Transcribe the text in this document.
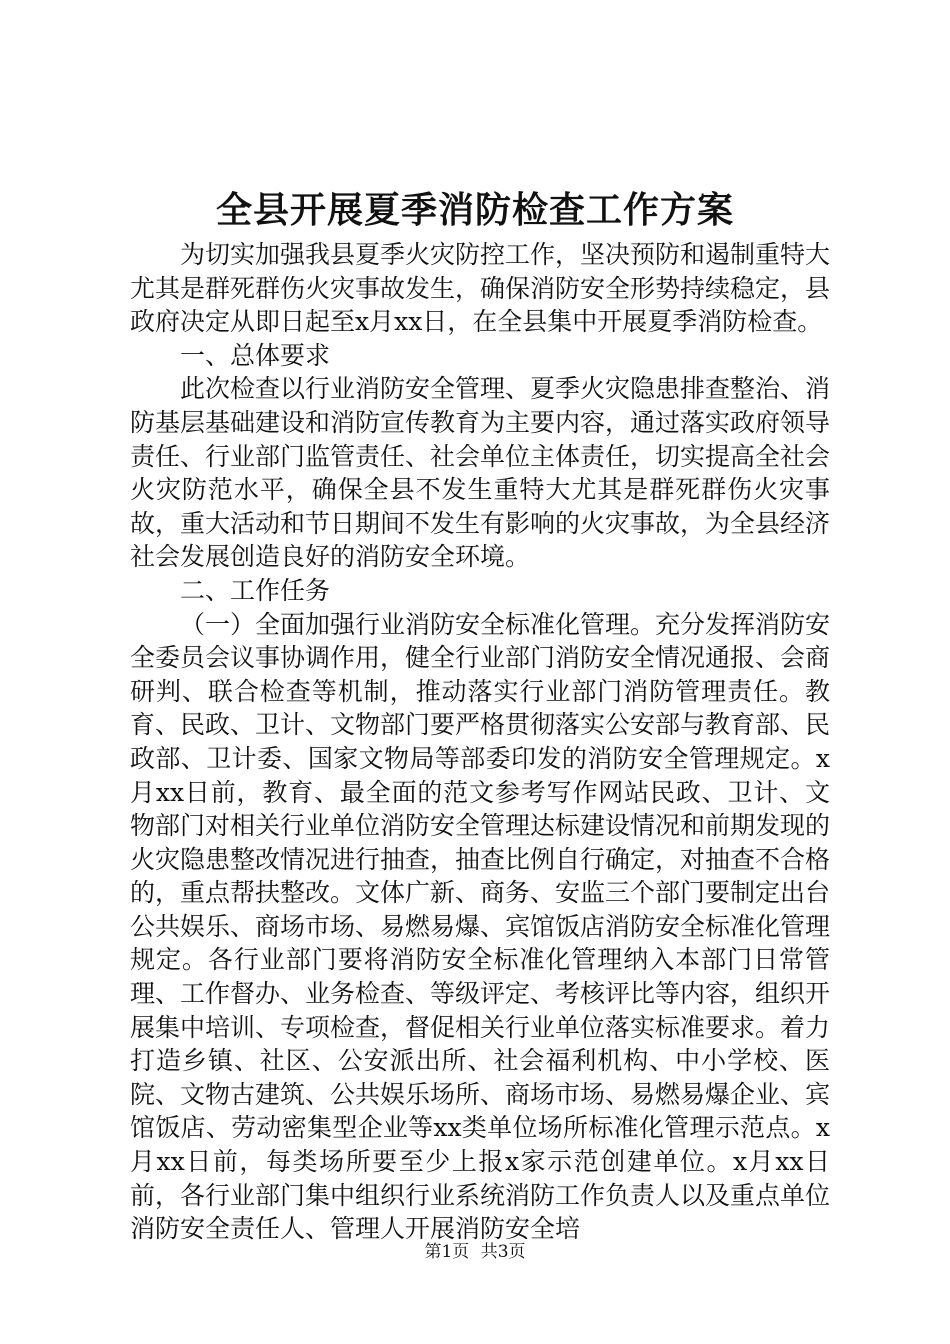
全县开展夏季消防检查工作方案

为切实加强我县夏季火灾防控工作，坚决预防和遏制重特大尤其是群死群伤火灾事故发生，确保消防安全形势持续稳定，县政府决定从即日起至x月xx日，在全县集中开展夏季消防检查。

一、总体要求

此次检查以行业消防安全管理、夏季火灾隐患排查整治、消防基层基础建设和消防宣传教育为主要内容，通过落实政府领导责任、行业部门监管责任、社会单位主体责任，切实提高全社会火灾防范水平，确保全县不发生重特大尤其是群死群伤火灾事故，重大活动和节日期间不发生有影响的火灾事故，为全县经济社会发展创造良好的消防安全环境。

二、工作任务

（一）全面加强行业消防安全标准化管理。充分发挥消防安全委员会议事协调作用，健全行业部门消防安全情况通报、会商研判、联合检查等机制，推动落实行业部门消防管理责任。教育、民政、卫计、文物部门要严格贯彻落实公安部与教育部、民政部、卫计委、国家文物局等部委印发的消防安全管理规定。x月xx日前，教育、最全面的范文参考写作网站民政、卫计、文物部门对相关行业单位消防安全管理达标建设情况和前期发现的火灾隐患整改情况进行抽查，抽查比例自行确定，对抽查不合格的，重点帮扶整改。文体广新、商务、安监三个部门要制定出台公共娱乐、商场市场、易燃易爆、宾馆饭店消防安全标准化管理规定。各行业部门要将消防安全标准化管理纳入本部门日常管理、工作督办、业务检查、等级评定、考核评比等内容，组织开展集中培训、专项检查，督促相关行业单位落实标准要求。着力打造乡镇、社区、公安派出所、社会福利机构、中小学校、医院、文物古建筑、公共娱乐场所、商场市场、易燃易爆企业、宾馆饭店、劳动密集型企业等xx类单位场所标准化管理示范点。x月xx日前，每类场所要至少上报x家示范创建单位。x月xx日前，各行业部门集中组织行业系统消防工作负责人以及重点单位消防安全责任人、管理人开展消防安全培

第1页 共3页
